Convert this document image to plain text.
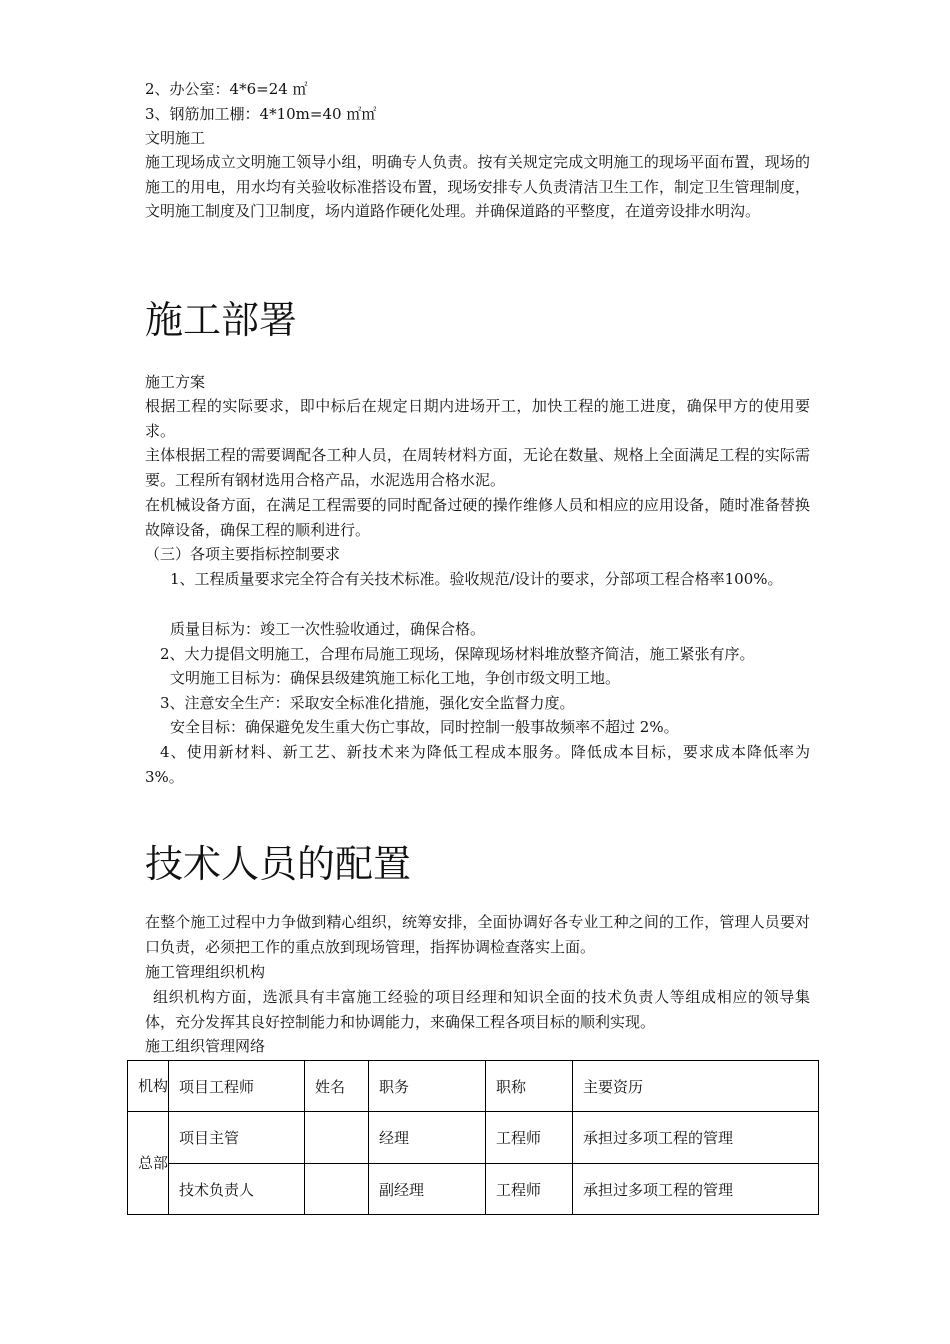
2、办公室：4*6=24 ㎡
3、钢筋加工棚：4*10m=40 ㎡㎡
文明施工
施工现场成立文明施工领导小组，明确专人负责。按有关规定完成文明施工的现场平面布置，现场的施工的用电，用水均有关验收标准搭设布置，现场安排专人负责清洁卫生工作，制定卫生管理制度，文明施工制度及门卫制度，场内道路作硬化处理。并确保道路的平整度，在道旁设排水明沟。
施工部署
施工方案
根据工程的实际要求，即中标后在规定日期内进场开工，加快工程的施工进度，确保甲方的使用要求。
主体根据工程的需要调配各工种人员，在周转材料方面，无论在数量、规格上全面满足工程的实际需要。工程所有钢材选用合格产品，水泥选用合格水泥。
在机械设备方面，在满足工程需要的同时配备过硬的操作维修人员和相应的应用设备，随时准备替换故障设备，确保工程的顺利进行。
（三）各项主要指标控制要求
1、工程质量要求完全符合有关技术标准。验收规范/设计的要求，分部项工程合格率100%。
质量目标为：竣工一次性验收通过，确保合格。
2、大力提倡文明施工，合理布局施工现场，保障现场材料堆放整齐简洁，施工紧张有序。
文明施工目标为：确保县级建筑施工标化工地，争创市级文明工地。
3、注意安全生产：采取安全标准化措施，强化安全监督力度。
安全目标：确保避免发生重大伤亡事故，同时控制一般事故频率不超过 2%。
4、使用新材料、新工艺、新技术来为降低工程成本服务。降低成本目标，要求成本降低率为 3%。
技术人员的配置
在整个施工过程中力争做到精心组织，统筹安排，全面协调好各专业工种之间的工作，管理人员要对口负责，必须把工作的重点放到现场管理，指挥协调检查落实上面。
施工管理组织机构
组织机构方面，选派具有丰富施工经验的项目经理和知识全面的技术负责人等组成相应的领导集体，充分发挥其良好控制能力和协调能力，来确保工程各项目标的顺利实现。
施工组织管理网络
机构	项目工程师	姓名	职务	职称	主要资历
总部	项目主管		经理	工程师	承担过多项工程的管理
	技术负责人		副经理	工程师	承担过多项工程的管理
